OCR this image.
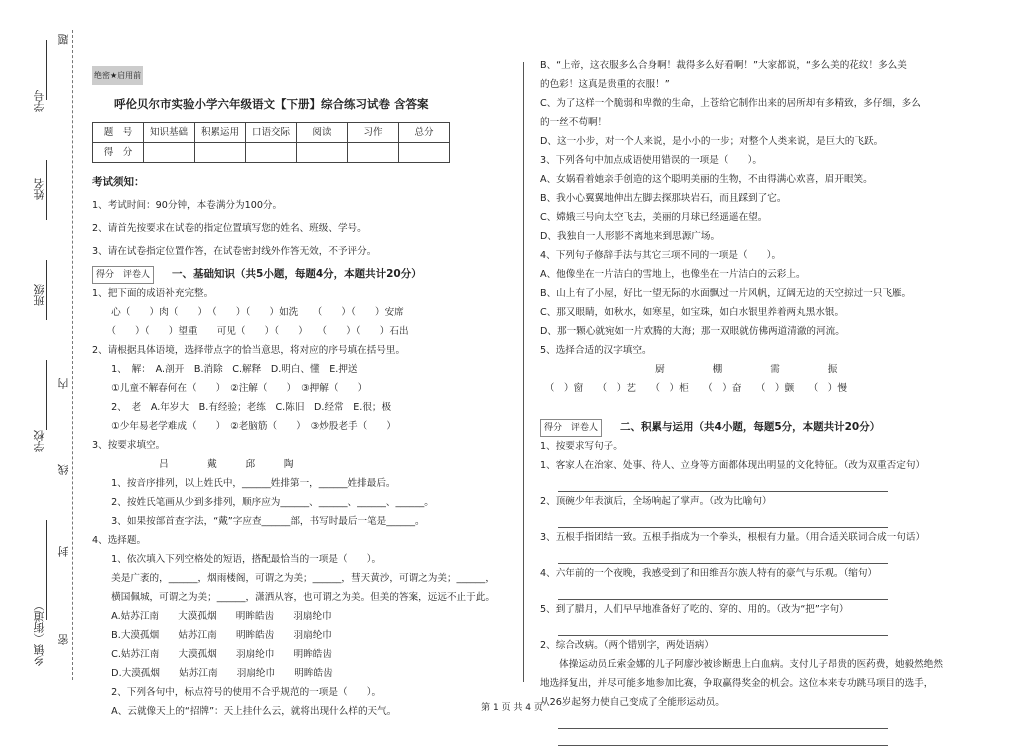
题
学号
姓名
班级
内
学校
线
封
乡镇（街道） 密
绝密★启用前
呼伦贝尔市实验小学六年级语文【下册】综合练习试卷 含答案
题　号	知识基础	积累运用	口语交际	阅读	习作	总分
得　分						
考试须知：

1、考试时间：90分钟，本卷满分为100分。

2、请首先按要求在试卷的指定位置填写您的姓名、班级、学号。

3、请在试卷指定位置作答，在试卷密封线外作答无效，不予评分。

得分　评卷人	一、基础知识（共5小题，每题4分，本题共计20分）

1、把下面的成语补充完整。

　　心（　　）肉（　　）　（　　）（　　）如洗　　（　　）（　　）安席

　　（　　）（　　）望重　　可见（　　）（　　）　　（　　）（　　）石出

2、请根据具体语境，选择带点字的恰当意思，将对应的序号填在括号里。

　　1、　解：　A.剖开　B.消除　C.解释　D.明白、懂　E.押送

　　①儿童不解春何在（　　）　②注解（　　）　③押解（　　）

　　2、　老　A.年岁大　B.有经验；老练　C.陈旧　D.经常　E.很；极

　　①少年易老学难成（　　）　②老脑筋（　　）　③炒股老手（　　）

3、按要求填空。

　　　　　　　吕　　　　戴　　　邱　　　陶

　　1、按音序排列，以上姓氏中，______姓排第一，______姓排最后。

　　2、按姓氏笔画从少到多排列，顺序应为______、______、______、______。

　　3、如果按部首查字法，“戴”字应查______部，书写时最后一笔是______。

4、选择题。

　　1、依次填入下列空格处的短语，搭配最恰当的一项是（　　）。

　　美是广袤的，______，烟雨楼阁，可谓之为美；______，彗天黄沙，可谓之为美；______，

　　横国佩城，可谓之为美；______，潇洒从容，也可谓之为美。但美的答案，远远不止于此。

　　A.姑苏江南　　大漠孤烟　　明眸皓齿　　羽扇纶巾

　　B.大漠孤烟　　姑苏江南　　明眸皓齿　　羽扇纶巾

　　C.姑苏江南　　大漠孤烟　　羽扇纶巾　　明眸皓齿

　　D.大漠孤烟　　姑苏江南　　羽扇纶巾　　明眸皓齿

　　2、下列各句中，标点符号的使用不合乎规范的一项是（　　）。

　　A、云就像天上的“招牌”：天上挂什么云，就将出现什么样的天气。

B、“上帝，这衣服多么合身啊！裁得多么好看啊！”大家都说，“多么美的花纹！多么美

的色彩！这真是贵重的衣服！”

C、为了这样一个脆弱和卑微的生命，上苍给它制作出来的居所却有多精致，多仔细，多么

的一丝不苟啊！

D、这一小步，对一个人来说，是小小的一步；对整个人类来说，是巨大的飞跃。

3、下列各句中加点成语使用错误的一项是（　　）。

A、女娲看着她亲手创造的这个聪明美丽的生物，不由得满心欢喜，眉开眼笑。

B、我小心翼翼地伸出左脚去探那块岩石，而且踩到了它。

C、嫦娥三号向太空飞去，美丽的月球已经遥遥在望。

D、我独自一人形影不离地来到思源广场。

4、下列句子修辞手法与其它三项不同的一项是（　　）。

A、他像坐在一片洁白的雪地上，也像坐在一片洁白的云彩上。

B、山上有了小屋，好比一望无际的水面飘过一片风帆，辽阔无边的天空掠过一只飞雁。

C、那又眼睛，如秋水，如寒星，如宝珠，如白水银里养着两丸黑水银。

D、那一颗心就宛如一片欢腾的大海；那一双眼就仿佛两道清澈的河流。

5、选择合适的汉字填空。

　　　　　　　　　　　　厨　　　　　棚　　　　　需　　　　　振

　（　）窗　　（　）艺　　（　）柜　　（　）奋　　（　）颤　　（　）慢

得分　评卷人	二、积累与运用（共4小题，每题5分，本题共计20分）

1、按要求写句子。

1、客家人在治家、处事、待人、立身等方面都体现出明显的文化特征。（改为双重否定句）

2、顶碗少年表演后，全场响起了掌声。（改为比喻句）

3、五根手指团结一致。五根手指成为一个拳头，根根有力量。（用合适关联词合成一句话）

4、六年前的一个夜晚，我感受到了和田维吾尔族人特有的豪气与乐观。（缩句）

5、到了腊月，人们早早地准备好了吃的、穿的、用的。（改为“把”字句）

2、综合改病。（两个错别字，两处语病）

　　体操运动员丘索金娜的儿子阿廖沙被诊断患上白血病。支付儿子昂贵的医药费，她毅然绝然

地选择复出，并尽可能多地参加比赛，争取赢得奖金的机会。这位本来专功跳马项目的选手，

从26岁起努力使自己变成了全能形运动员。

第 1 页 共 4 页
